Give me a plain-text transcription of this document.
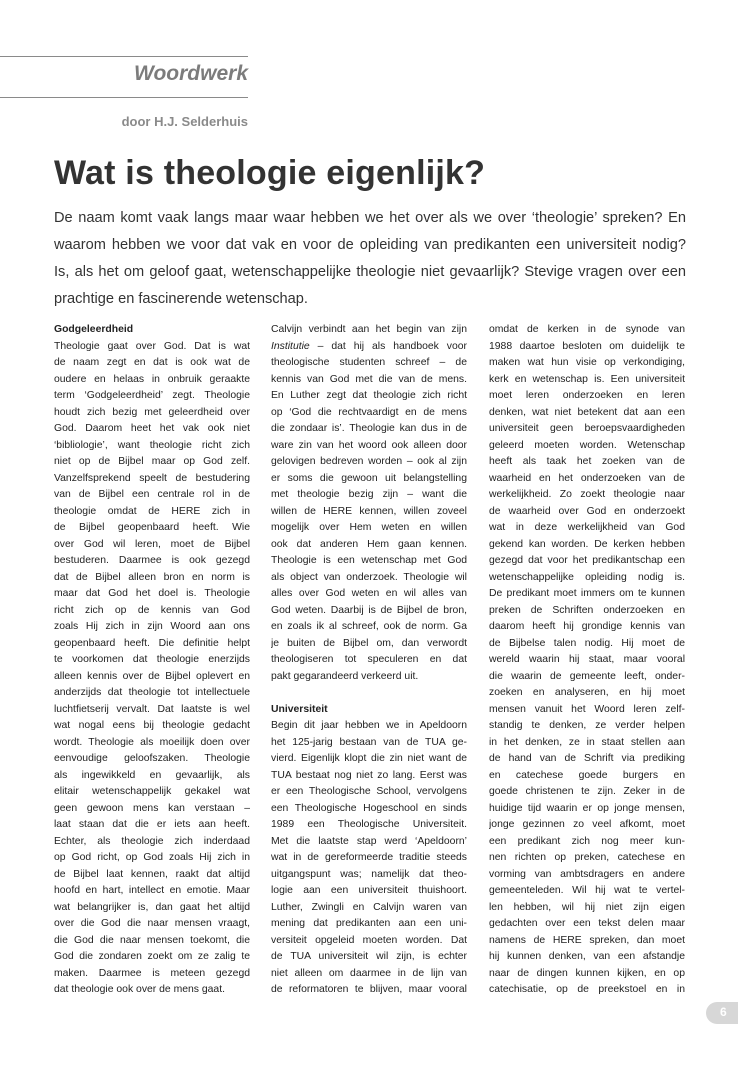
Woordwerk
door H.J. Selderhuis
Wat is theologie eigenlijk?
De naam komt vaak langs maar waar hebben we het over als we over ‘theologie’ spreken? En
waarom hebben we voor dat vak en voor de opleiding van predikanten een universiteit nodig?
Is, als het om geloof gaat, wetenschappelijke theologie niet gevaarlijk? Stevige vragen over een
prachtige en fascinerende wetenschap.
Godgeleerdheid
Theologie gaat over God. Dat is wat
de naam zegt en dat is ook wat de
oudere en helaas in onbruik geraakte
term ‘Godgeleerdheid’ zegt. Theologie
houdt zich bezig met geleerdheid over
God. Daarom heet het vak ook niet
‘bibliologie’, want theologie richt zich
niet op de Bijbel maar op God zelf.
Vanzelfsprekend speelt de bestudering
van de Bijbel een centrale rol in de
theologie omdat de HERE zich in
de Bijbel geopenbaard heeft. Wie
over God wil leren, moet de Bijbel
bestuderen. Daarmee is ook gezegd
dat de Bijbel alleen bron en norm is
maar dat God het doel is. Theologie
richt zich op de kennis van God
zoals Hij zich in zijn Woord aan ons
geopenbaard heeft. Die definitie helpt
te voorkomen dat theologie enerzijds
alleen kennis over de Bijbel oplevert en
anderzijds dat theologie tot intellectuele
luchtfietserij vervalt. Dat laatste is wel
wat nogal eens bij theologie gedacht
wordt. Theologie als moeilijk doen over
eenvoudige geloofszaken. Theologie
als ingewikkeld en gevaarlijk, als
elitair wetenschappelijk gekakel wat
geen gewoon mens kan verstaan –
laat staan dat die er iets aan heeft.
Echter, als theologie zich inderdaad
op God richt, op God zoals Hij zich in
de Bijbel laat kennen, raakt dat altijd
hoofd en hart, intellect en emotie. Maar
wat belangrijker is, dan gaat het altijd
over die God die naar mensen vraagt,
die God die naar mensen toekomt, die
God die zondaren zoekt om ze zalig te
maken. Daarmee is meteen gezegd
dat theologie ook over de mens gaat.
Calvijn verbindt aan het begin van zijn
Institutie – dat hij als handboek voor
theologische studenten schreef – de
kennis van God met die van de mens.
En Luther zegt dat theologie zich richt
op ‘God die rechtvaardigt en de mens
die zondaar is’. Theologie kan dus in de
ware zin van het woord ook alleen door
gelovigen bedreven worden – ook al zijn
er soms die gewoon uit belangstelling
met theologie bezig zijn – want die
willen de HERE kennen, willen zoveel
mogelijk over Hem weten en willen
ook dat anderen Hem gaan kennen.
Theologie is een wetenschap met God
als object van onderzoek. Theologie wil
alles over God weten en wil alles van
God weten. Daarbij is de Bijbel de bron,
en zoals ik al schreef, ook de norm. Ga
je buiten de Bijbel om, dan verwordt
theologiseren tot speculeren en dat
pakt gegarandeerd verkeerd uit.
Universiteit
Begin dit jaar hebben we in Apeldoorn
het 125-jarig bestaan van de TUA ge-
vierd. Eigenlijk klopt die zin niet want de
TUA bestaat nog niet zo lang. Eerst was
er een Theologische School, vervolgens
een Theologische Hogeschool en sinds
1989 een Theologische Universiteit.
Met die laatste stap werd ‘Apeldoorn’
wat in de gereformeerde traditie steeds
uitgangspunt was; namelijk dat theo-
logie aan een universiteit thuishoort.
Luther, Zwingli en Calvijn waren van
mening dat predikanten aan een uni-
versiteit opgeleid moeten worden. Dat
de TUA universiteit wil zijn, is echter
niet alleen om daarmee in de lijn van
de reformatoren te blijven, maar vooral
omdat de kerken in de synode van
1988 daartoe besloten om duidelijk te
maken wat hun visie op verkondiging,
kerk en wetenschap is. Een universiteit
moet leren onderzoeken en leren
denken, wat niet betekent dat aan een
universiteit geen beroepsvaardigheden
geleerd moeten worden. Wetenschap
heeft als taak het zoeken van de
waarheid en het onderzoeken van de
werkelijkheid. Zo zoekt theologie naar
de waarheid over God en onderzoekt
wat in deze werkelijkheid van God
gekend kan worden. De kerken hebben
gezegd dat voor het predikantschap een
wetenschappelijke opleiding nodig is.
De predikant moet immers om te kunnen
preken de Schriften onderzoeken en
daarom heeft hij grondige kennis van
de Bijbelse talen nodig. Hij moet de
wereld waarin hij staat, maar vooral
die waarin de gemeente leeft, onder-
zoeken en analyseren, en hij moet
mensen vanuit het Woord leren zelf-
standig te denken, ze verder helpen
in het denken, ze in staat stellen aan
de hand van de Schrift via prediking
en catechese goede burgers en
goede christenen te zijn. Zeker in de
huidige tijd waarin er op jonge mensen,
jonge gezinnen zo veel afkomt, moet
een predikant zich nog meer kun-
nen richten op preken, catechese en
vorming van ambtsdragers en andere
gemeenteleden. Wil hij wat te vertel-
len hebben, wil hij niet zijn eigen
gedachten over een tekst delen maar
namens de HERE spreken, dan moet
hij kunnen denken, van een afstandje
naar de dingen kunnen kijken, en op
catechisatie, op de preekstoel en in
6
